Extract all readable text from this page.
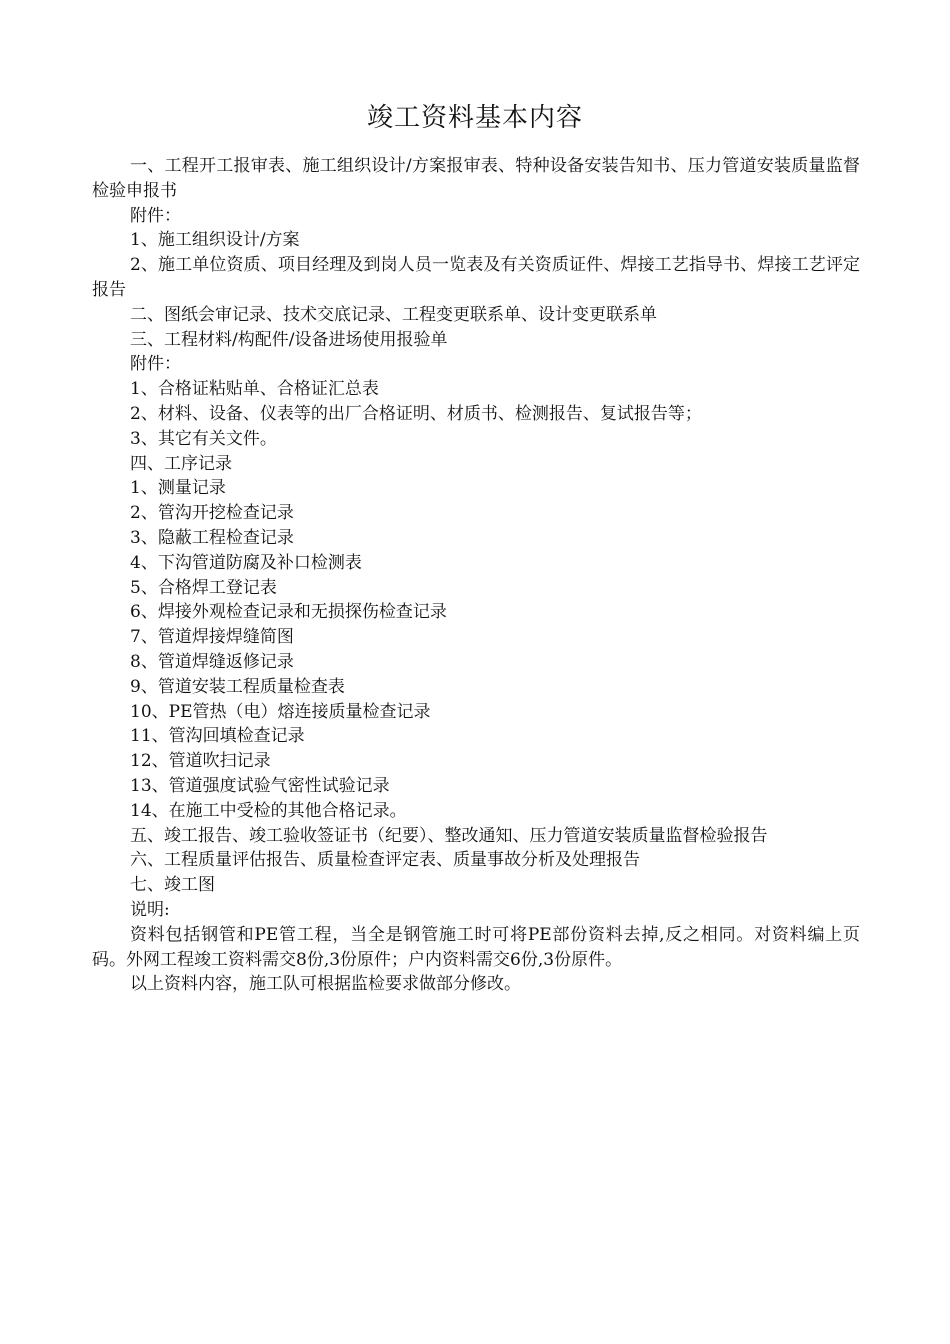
竣工资料基本内容

一、工程开工报审表、施工组织设计/方案报审表、特种设备安装告知书、压力管道安装质量监督检验申报书

附件：

1、施工组织设计/方案

2、施工单位资质、项目经理及到岗人员一览表及有关资质证件、焊接工艺指导书、焊接工艺评定报告

二、图纸会审记录、技术交底记录、工程变更联系单、设计变更联系单

三、工程材料/构配件/设备进场使用报验单

附件：

1、合格证粘贴单、合格证汇总表

2、材料、设备、仪表等的出厂合格证明、材质书、检测报告、复试报告等；

3、其它有关文件。

四、工序记录

1、测量记录

2、管沟开挖检查记录

3、隐蔽工程检查记录

4、下沟管道防腐及补口检测表

5、合格焊工登记表

6、焊接外观检查记录和无损探伤检查记录

7、管道焊接焊缝简图

8、管道焊缝返修记录

9、管道安装工程质量检查表

10、PE管热（电）熔连接质量检查记录

11、管沟回填检查记录

12、管道吹扫记录

13、管道强度试验气密性试验记录

14、在施工中受检的其他合格记录。

五、竣工报告、竣工验收签证书（纪要）、整改通知、压力管道安装质量监督检验报告

六、工程质量评估报告、质量检查评定表、质量事故分析及处理报告

七、竣工图

说明:

资料包括钢管和PE管工程，当全是钢管施工时可将PE部份资料去掉,反之相同。对资料编上页码。外网工程竣工资料需交8份,3份原件；户内资料需交6份,3份原件。

以上资料内容，施工队可根据监检要求做部分修改。
